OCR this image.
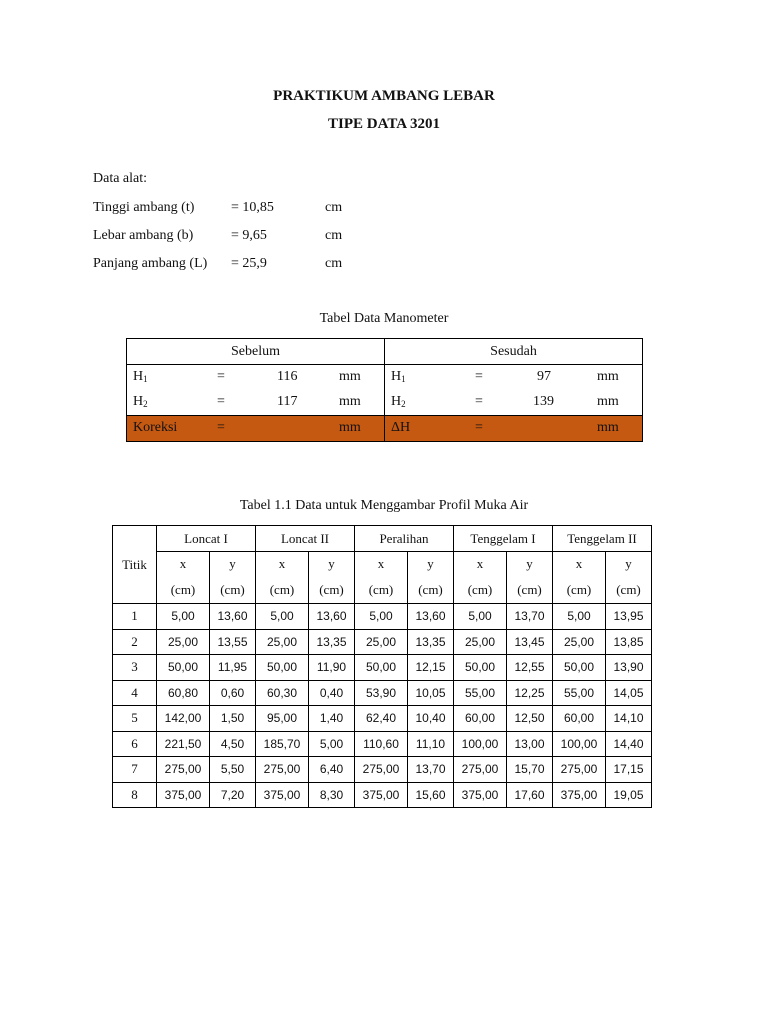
PRAKTIKUM AMBANG LEBAR
TIPE DATA 3201
Data alat:
Tinggi ambang (t)	= 10,85	cm
Lebar ambang (b)	= 9,65	cm
Panjang ambang (L) = 25,9	cm
Tabel Data Manometer
Sebelum	Sesudah

$H_1 = 116$ mm	$H_1 = 97$ mm

$H_2 = 117$ mm	$H_2 = 139$ mm

Koreksi = mm	ΔH = mm
Tabel 1.1 Data untuk Menggambar Profil Muka Air
Titik	Loncat I		Loncat II		Peralihan		Tenggelam I		Tenggelam II	
	x	y	x	y	x	y	x	y	x	y
	(cm)	(cm)	(cm)	(cm)	(cm)	(cm)	(cm)	(cm)	(cm)	(cm)
1	5,00	13,60	5,00	13,60	5,00	13,60	5,00	13,70	5,00	13,95
2	25,00	13,55	25,00	13,35	25,00	13,35	25,00	13,45	25,00	13,85
3	50,00	11,95	50,00	11,90	50,00	12,15	50,00	12,55	50,00	13,90
4	60,80	0,60	60,30	0,40	53,90	10,05	55,00	12,25	55,00	14,05
5	142,00	1,50	95,00	1,40	62,40	10,40	60,00	12,50	60,00	14,10
6	221,50	4,50	185,70	5,00	110,60	11,10	100,00	13,00	100,00	14,40
7	275,00	5,50	275,00	6,40	275,00	13,70	275,00	15,70	275,00	17,15
8	375,00	7,20	375,00	8,30	375,00	15,60	375,00	17,60	375,00	19,05
